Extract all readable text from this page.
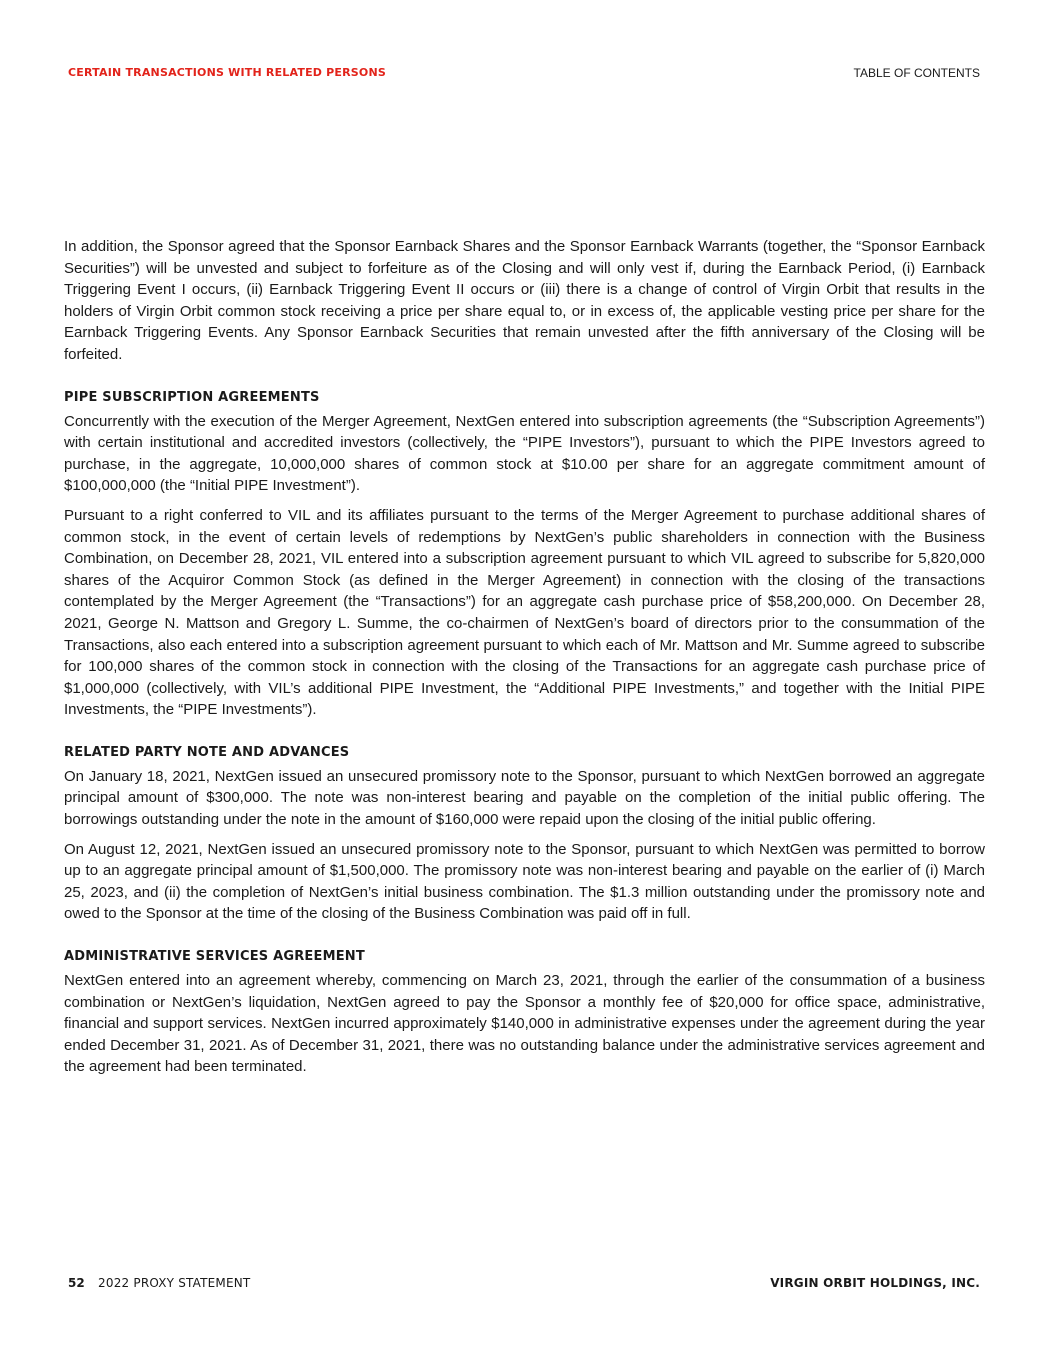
CERTAIN TRANSACTIONS WITH RELATED PERSONS	TABLE OF CONTENTS

In addition, the Sponsor agreed that the Sponsor Earnback Shares and the Sponsor Earnback Warrants (together, the “Sponsor Earnback Securities”) will be unvested and subject to forfeiture as of the Closing and will only vest if, during the Earnback Period, (i) Earnback Triggering Event I occurs, (ii) Earnback Triggering Event II occurs or (iii) there is a change of control of Virgin Orbit that results in the holders of Virgin Orbit common stock receiving a price per share equal to, or in excess of, the applicable vesting price per share for the Earnback Triggering Events. Any Sponsor Earnback Securities that remain unvested after the fifth anniversary of the Closing will be forfeited.

PIPE SUBSCRIPTION AGREEMENTS

Concurrently with the execution of the Merger Agreement, NextGen entered into subscription agreements (the “Subscription Agreements”) with certain institutional and accredited investors (collectively, the “PIPE Investors”), pursuant to which the PIPE Investors agreed to purchase, in the aggregate, 10,000,000 shares of common stock at $10.00 per share for an aggregate commitment amount of $100,000,000 (the “Initial PIPE Investment”).

Pursuant to a right conferred to VIL and its affiliates pursuant to the terms of the Merger Agreement to purchase additional shares of common stock, in the event of certain levels of redemptions by NextGen’s public shareholders in connection with the Business Combination, on December 28, 2021, VIL entered into a subscription agreement pursuant to which VIL agreed to subscribe for 5,820,000 shares of the Acquiror Common Stock (as defined in the Merger Agreement) in connection with the closing of the transactions contemplated by the Merger Agreement (the “Transactions”) for an aggregate cash purchase price of $58,200,000. On December 28, 2021, George N. Mattson and Gregory L. Summe, the co-chairmen of NextGen’s board of directors prior to the consummation of the Transactions, also each entered into a subscription agreement pursuant to which each of Mr. Mattson and Mr. Summe agreed to subscribe for 100,000 shares of the common stock in connection with the closing of the Transactions for an aggregate cash purchase price of $1,000,000 (collectively, with VIL’s additional PIPE Investment, the “Additional PIPE Investments,” and together with the Initial PIPE Investments, the “PIPE Investments”).

RELATED PARTY NOTE AND ADVANCES

On January 18, 2021, NextGen issued an unsecured promissory note to the Sponsor, pursuant to which NextGen borrowed an aggregate principal amount of $300,000. The note was non-interest bearing and payable on the completion of the initial public offering. The borrowings outstanding under the note in the amount of $160,000 were repaid upon the closing of the initial public offering.

On August 12, 2021, NextGen issued an unsecured promissory note to the Sponsor, pursuant to which NextGen was permitted to borrow up to an aggregate principal amount of $1,500,000. The promissory note was non-interest bearing and payable on the earlier of (i) March 25, 2023, and (ii) the completion of NextGen’s initial business combination. The $1.3 million outstanding under the promissory note and owed to the Sponsor at the time of the closing of the Business Combination was paid off in full.

ADMINISTRATIVE SERVICES AGREEMENT

NextGen entered into an agreement whereby, commencing on March 23, 2021, through the earlier of the consummation of a business combination or NextGen’s liquidation, NextGen agreed to pay the Sponsor a monthly fee of $20,000 for office space, administrative, financial and support services. NextGen incurred approximately $140,000 in administrative expenses under the agreement during the year ended December 31, 2021. As of December 31, 2021, there was no outstanding balance under the administrative services agreement and the agreement had been terminated.

52 2022 PROXY STATEMENT	VIRGIN ORBIT HOLDINGS, INC.
